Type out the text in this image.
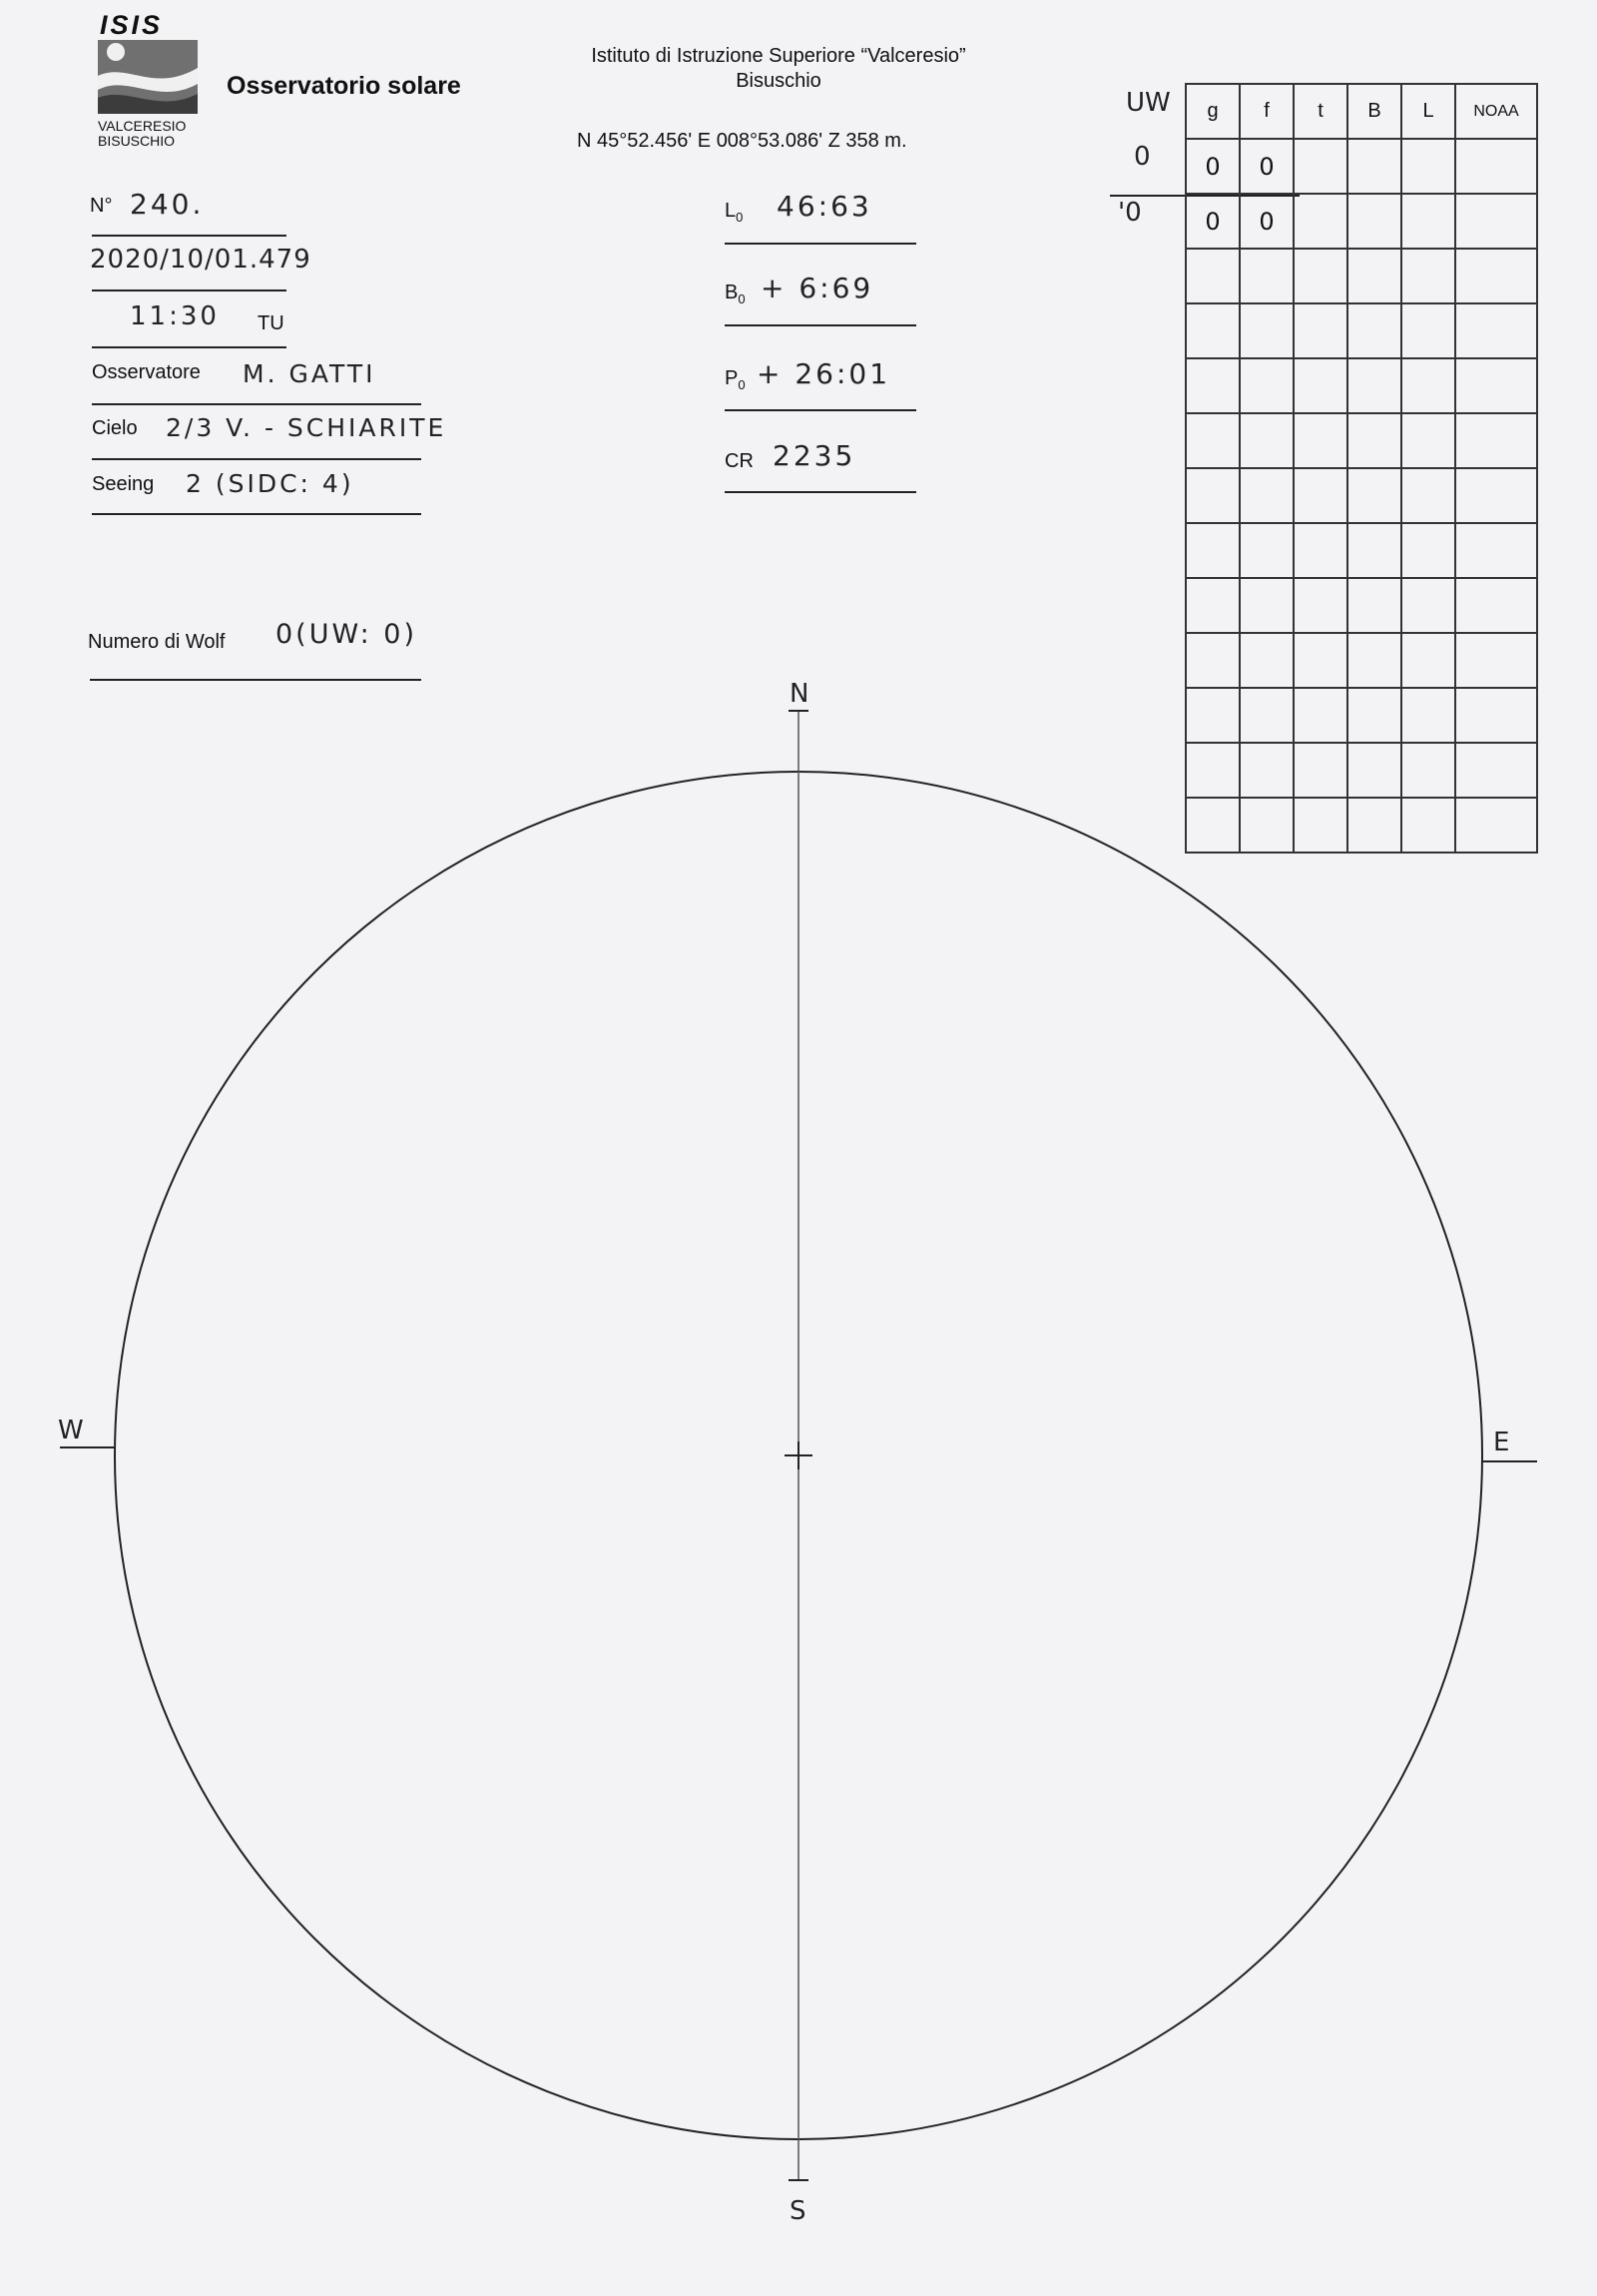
ISIS
VALCERESIO
BISUSCHIO
Osservatorio solare
Istituto di Istruzione Superiore “Valceresio”
Bisuschio
N 45°52.456' E 008°53.086' Z 358 m.
N° 240.
2020/10/01.479
11:30 TU
Osservatore M. GATTI
Cielo 2/3 V. - SCHIARITE
Seeing 2 (SIDC: 4)
Numero di Wolf 0(UW: 0)
$L_0$ 46:63
$B_0$ + 6:69
$P_0$ + 26:01
CR 2235
UW
0
'0
g	f	t	B	L	NOAA
0	0				
0	0				

N
S
W	E
